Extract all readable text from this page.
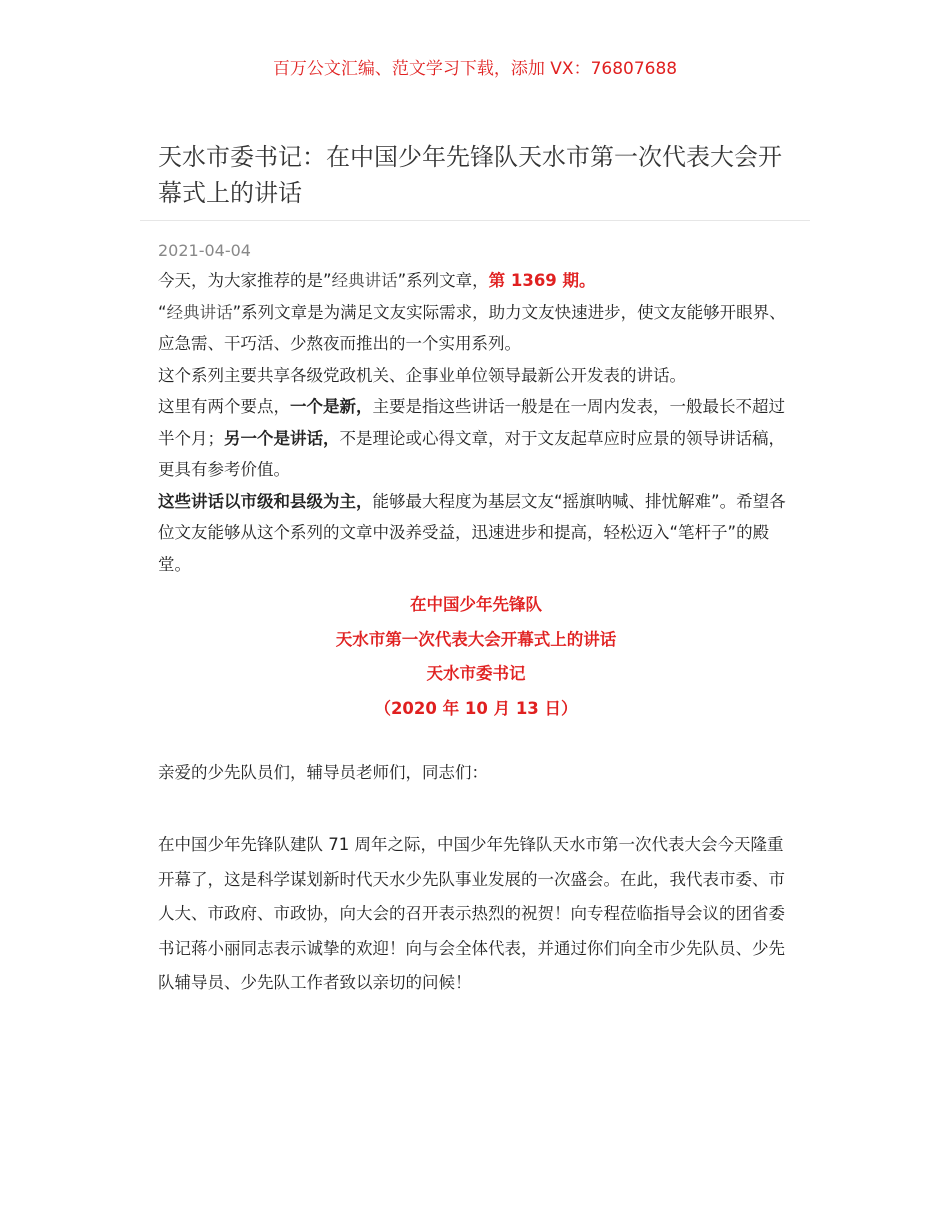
百万公文汇编、范文学习下载，添加 VX：76807688
天水市委书记：在中国少年先锋队天水市第一次代表大会开幕式上的讲话
2021-04-04

今天，为大家推荐的是”经典讲话”系列文章，第 1369 期。

“经典讲话”系列文章是为满足文友实际需求，助力文友快速进步，使文友能够开眼界、应急需、干巧活、少熬夜而推出的一个实用系列。

这个系列主要共享各级党政机关、企事业单位领导最新公开发表的讲话。

这里有两个要点，一个是新，主要是指这些讲话一般是在一周内发表，一般最长不超过半个月；另一个是讲话，不是理论或心得文章，对于文友起草应时应景的领导讲话稿，更具有参考价值。

这些讲话以市级和县级为主，能够最大程度为基层文友“摇旗呐喊、排忧解难”。希望各位文友能够从这个系列的文章中汲养受益，迅速进步和提高，轻松迈入“笔杆子”的殿堂。

在中国少年先锋队
天水市第一次代表大会开幕式上的讲话
天水市委书记
（2020 年 10 月 13 日）
亲爱的少先队员们，辅导员老师们，同志们：

在中国少年先锋队建队 71 周年之际，中国少年先锋队天水市第一次代表大会今天隆重开幕了，这是科学谋划新时代天水少先队事业发展的一次盛会。在此，我代表市委、市人大、市政府、市政协，向大会的召开表示热烈的祝贺！向专程莅临指导会议的团省委书记蒋小丽同志表示诚挚的欢迎！向与会全体代表，并通过你们向全市少先队员、少先队辅导员、少先队工作者致以亲切的问候！
